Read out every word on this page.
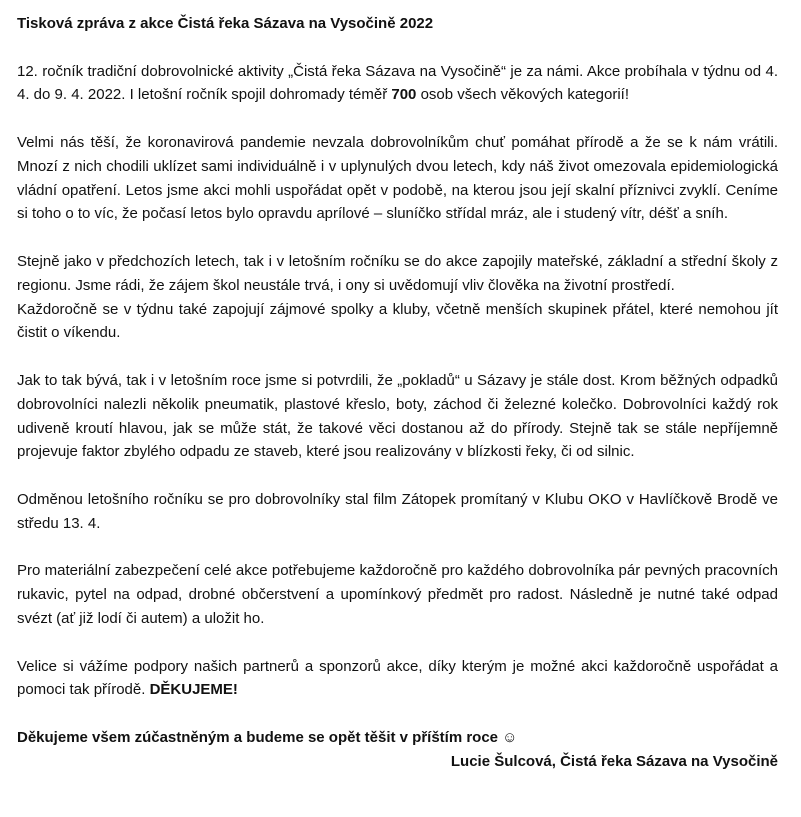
Tisková zpráva z akce Čistá řeka Sázava na Vysočině 2022
12. ročník tradiční dobrovolnické aktivity „Čistá řeka Sázava na Vysočině“ je za námi. Akce probíhala v týdnu od 4. 4. do 9. 4. 2022. I letošní ročník spojil dohromady téměř 700 osob všech věkových kategorií!
Velmi nás těší, že koronavirová pandemie nevzala dobrovolníkům chuť pomáhat přírodě a že se k nám vrátili. Mnozí z nich chodili uklízet sami individuálně i v uplynulých dvou letech, kdy náš život omezovala epidemiologická vládní opatření. Letos jsme akci mohli uspořádat opět v podobě, na kterou jsou její skalní příznivci zvyklí. Ceníme si toho o to víc, že počasí letos bylo opravdu aprílové – sluníčko střídal mráz, ale i studený vítr, déšť a sníh.
Stejně jako v předchozích letech, tak i v letošním ročníku se do akce zapojily mateřské, základní a střední školy z regionu. Jsme rádi, že zájem škol neustále trvá, i ony si uvědomují vliv člověka na životní prostředí.
Každoročně se v týdnu také zapojují zájmové spolky a kluby, včetně menších skupinek přátel, které nemohou jít čistit o víkendu.
Jak to tak bývá, tak i v letošním roce jsme si potvrdili, že „pokladů“ u Sázavy je stále dost. Krom běžných odpadků dobrovolníci nalezli několik pneumatik, plastové křeslo, boty, záchod či železné kolečko. Dobrovolníci každý rok udiveně kroutí hlavou, jak se může stát, že takové věci dostanou až do přírody. Stejně tak se stále nepříjemně projevuje faktor zbylého odpadu ze staveb, které jsou realizovány v blízkosti řeky, či od silnic.
Odměnou letošního ročníku se pro dobrovolníky stal film Zátopek promítaný v Klubu OKO v Havlíčkově Brodě ve středu 13. 4.
Pro materiální zabezpečení celé akce potřebujeme každoročně pro každého dobrovolníka pár pevných pracovních rukavic, pytel na odpad, drobné občerstvení a upomínkový předmět pro radost. Následně je nutné také odpad svézt (ať již lodí či autem) a uložit ho.
Velice si vážíme podpory našich partnerů a sponzorů akce, díky kterým je možné akci každoročně uspořádat a pomoci tak přírodě. DĚKUJEME!
Děkujeme všem zúčastněným a budeme se opět těšit v příštím roce ☺
Lucie Šulcová, Čistá řeka Sázava na Vysočině
